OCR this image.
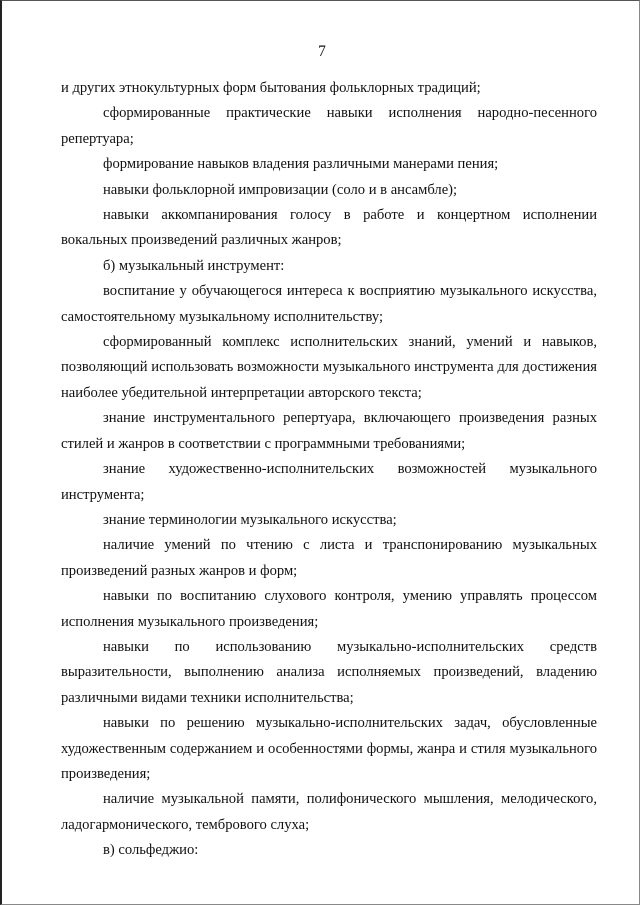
7

и других этнокультурных форм бытования фольклорных традиций;

сформированные практические навыки исполнения народно-песенного репертуара;

формирование навыков владения различными манерами пения;

навыки фольклорной импровизации (соло и в ансамбле);

навыки аккомпанирования голосу в работе и концертном исполнении вокальных произведений различных жанров;

б) музыкальный инструмент:

воспитание у обучающегося интереса к восприятию музыкального искусства, самостоятельному музыкальному исполнительству;

сформированный комплекс исполнительских знаний, умений и навыков, позволяющий использовать возможности музыкального инструмента для достижения наиболее убедительной интерпретации авторского текста;

знание инструментального репертуара, включающего произведения разных стилей и жанров в соответствии с программными требованиями;

знание художественно-исполнительских возможностей музыкального инструмента;

знание терминологии музыкального искусства;

наличие умений по чтению с листа и транспонированию музыкальных произведений разных жанров и форм;

навыки по воспитанию слухового контроля, умению управлять процессом исполнения музыкального произведения;

навыки по использованию музыкально-исполнительских средств выразительности, выполнению анализа исполняемых произведений, владению различными видами техники исполнительства;

навыки по решению музыкально-исполнительских задач, обусловленные художественным содержанием и особенностями формы, жанра и стиля музыкального произведения;

наличие музыкальной памяти, полифонического мышления, мелодического, ладогармонического, тембрового слуха;

в) сольфеджио:
